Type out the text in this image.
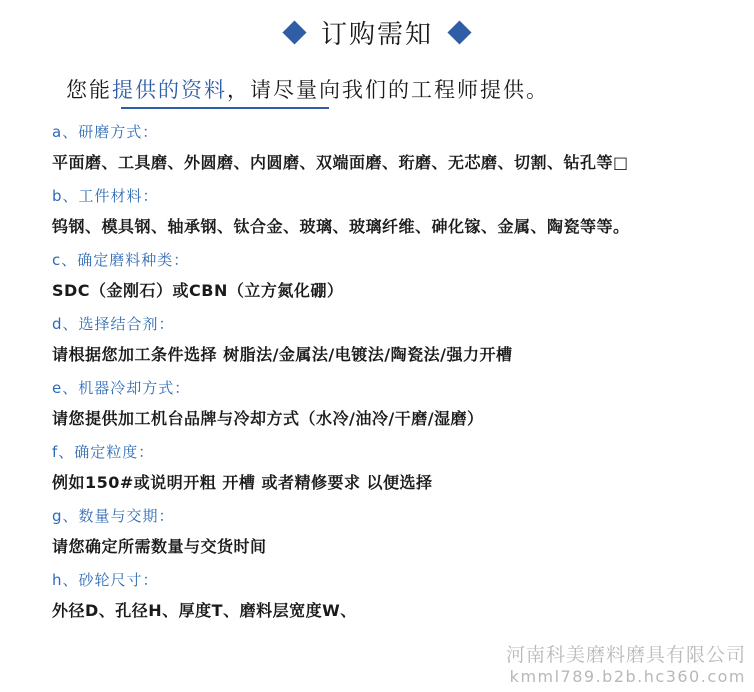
订购需知
您能提供的资料，请尽量向我们的工程师提供。
a、研磨方式：
平面磨、工具磨、外圆磨、内圆磨、双端面磨、珩磨、无芯磨、切割、钻孔等□
b、工件材料：
钨钢、模具钢、轴承钢、钛合金、玻璃、玻璃纤维、砷化镓、金属、陶瓷等等。
c、确定磨料种类：
SDC（金刚石）或CBN（立方氮化硼）
d、选择结合剂：
请根据您加工条件选择 树脂法/金属法/电镀法/陶瓷法/强力开槽
e、机器冷却方式：
请您提供加工机台品牌与冷却方式（水冷/油冷/干磨/湿磨）
f、确定粒度：
例如150#或说明开粗 开槽 或者精修要求 以便选择
g、数量与交期：
请您确定所需数量与交货时间
h、砂轮尺寸：
外径D、孔径H、厚度T、磨料层宽度W、
河南科美磨料磨具有限公司
kmml789.b2b.hc360.com
